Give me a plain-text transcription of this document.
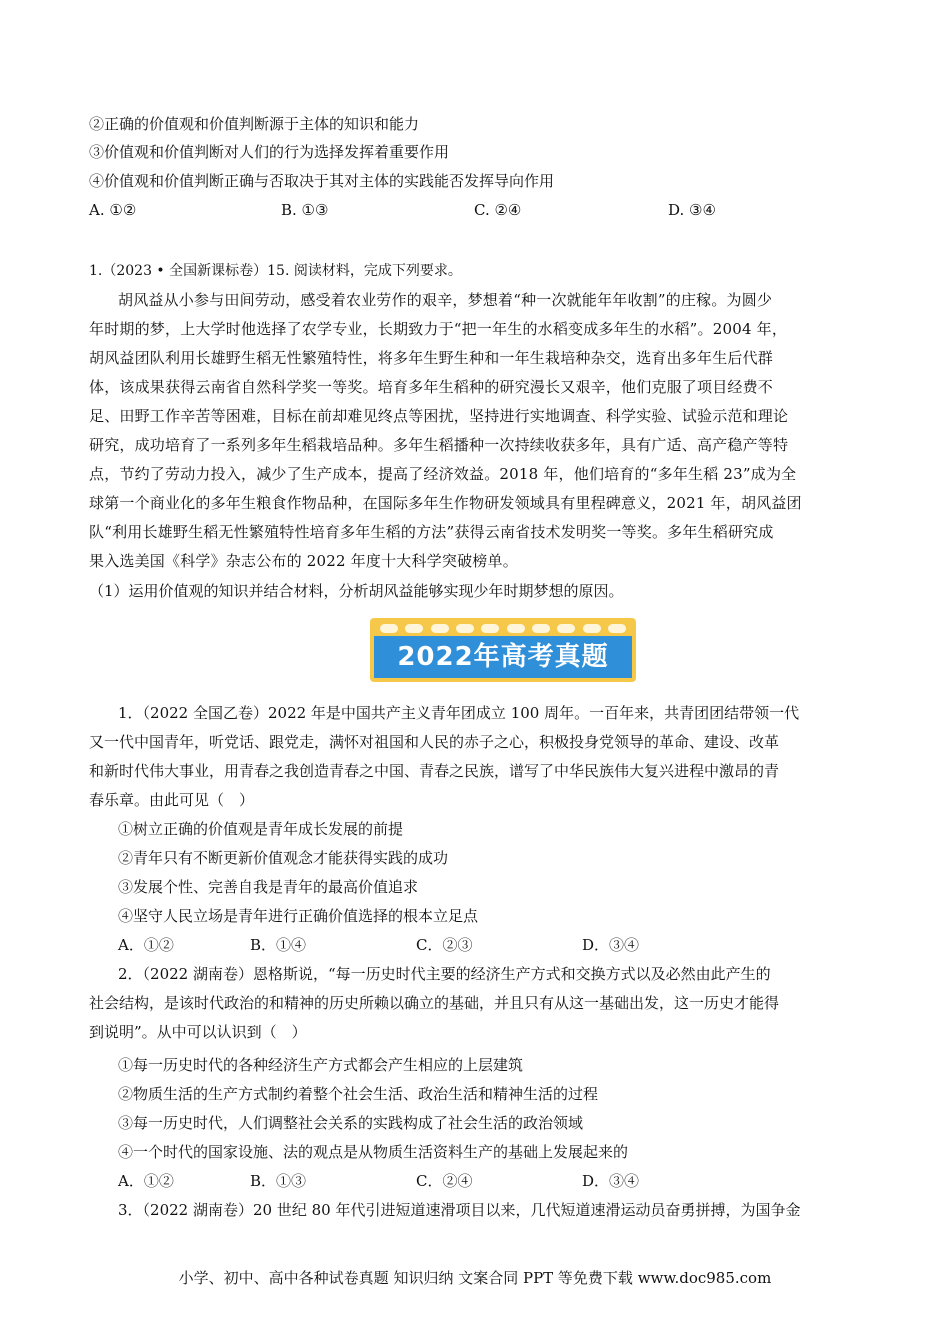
②正确的价值观和价值判断源于主体的知识和能力
③价值观和价值判断对人们的行为选择发挥着重要作用
④价值观和价值判断正确与否取决于其对主体的实践能否发挥导向作用
A. ①②	B. ①③	C. ②④	D. ③④
1.（2023 • 全国新课标卷）15. 阅读材料，完成下列要求。
胡风益从小参与田间劳动，感受着农业劳作的艰辛，梦想着“种一次就能年年收割”的庄稼。为圆少
年时期的梦，上大学时他选择了农学专业，长期致力于“把一年生的水稻变成多年生的水稻”。2004 年，
胡风益团队利用长雄野生稻无性繁殖特性，将多年生野生种和一年生栽培种杂交，选育出多年生后代群
体，该成果获得云南省自然科学奖一等奖。培育多年生稻种的研究漫长又艰辛，他们克服了项目经费不
足、田野工作辛苦等困难，目标在前却难见终点等困扰，坚持进行实地调查、科学实验、试验示范和理论
研究，成功培育了一系列多年生稻栽培品种。多年生稻播种一次持续收获多年，具有广适、高产稳产等特
点，节约了劳动力投入，减少了生产成本，提高了经济效益。2018 年，他们培育的“多年生稻 23”成为全
球第一个商业化的多年生粮食作物品种，在国际多年生作物研发领域具有里程碑意义，2021 年，胡风益团
队“利用长雄野生稻无性繁殖特性培育多年生稻的方法”获得云南省技术发明奖一等奖。多年生稻研究成
果入选美国《科学》杂志公布的 2022 年度十大科学突破榜单。
（1）运用价值观的知识并结合材料，分析胡风益能够实现少年时期梦想的原因。
2022年高考真题
1．（2022 全国乙卷）2022 年是中国共产主义青年团成立 100 周年。一百年来，共青团团结带领一代
又一代中国青年，听党话、跟党走，满怀对祖国和人民的赤子之心，积极投身党领导的革命、建设、改革
和新时代伟大事业，用青春之我创造青春之中国、青春之民族，谱写了中华民族伟大复兴进程中激昂的青
春乐章。由此可见（　）
①树立正确的价值观是青年成长发展的前提
②青年只有不断更新价值观念才能获得实践的成功
③发展个性、完善自我是青年的最高价值追求
④坚守人民立场是青年进行正确价值选择的根本立足点
A．①②	B．①④	C．②③	D．③④
2．（2022 湖南卷）恩格斯说，“每一历史时代主要的经济生产方式和交换方式以及必然由此产生的
社会结构，是该时代政治的和精神的历史所赖以确立的基础，并且只有从这一基础出发，这一历史才能得
到说明”。从中可以认识到（　）
①每一历史时代的各种经济生产方式都会产生相应的上层建筑
②物质生活的生产方式制约着整个社会生活、政治生活和精神生活的过程
③每一历史时代，人们调整社会关系的实践构成了社会生活的政治领域
④一个时代的国家设施、法的观点是从物质生活资料生产的基础上发展起来的
A．①②	B．①③	C．②④	D．③④
3．（2022 湖南卷）20 世纪 80 年代引进短道速滑项目以来，几代短道速滑运动员奋勇拼搏，为国争金
小学、初中、高中各种试卷真题 知识归纳 文案合同 PPT 等免费下载 www.doc985.com
